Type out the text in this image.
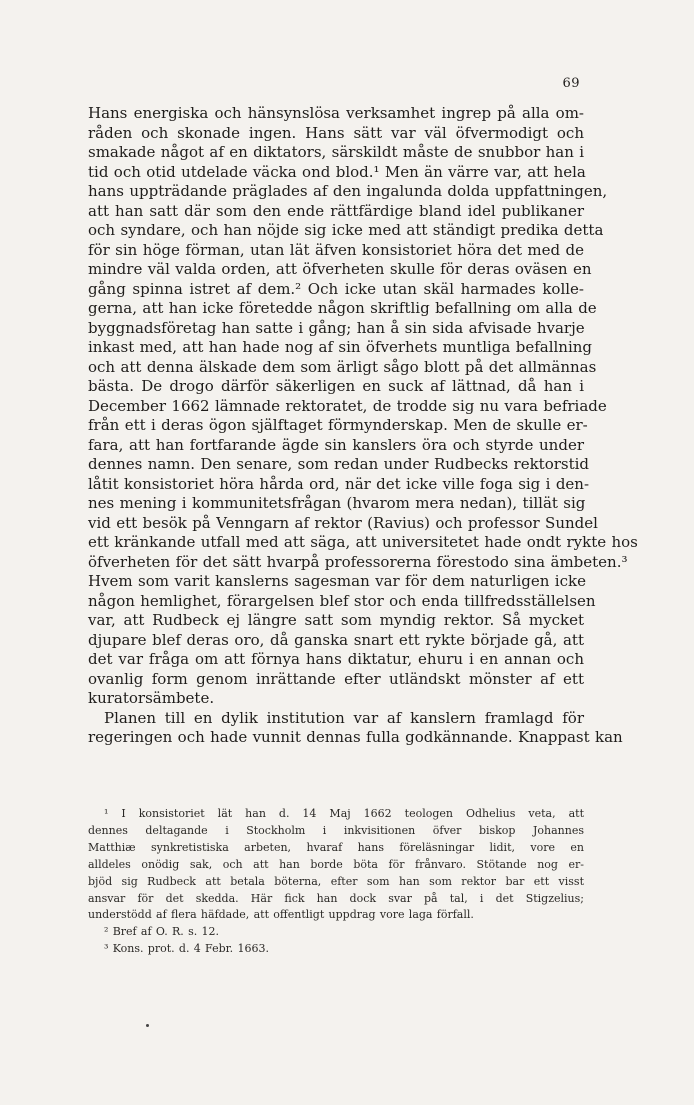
69
Hans energiska och hänsynslösa verksamhet ingrep på alla om-
råden och skonade ingen. Hans sätt var väl öfvermodigt och
smakade något af en diktators, särskildt måste de snubbor han i
tid och otid utdelade väcka ond blod.¹ Men än värre var, att hela
hans uppträdande präglades af den ingalunda dolda uppfattningen,
att han satt där som den ende rättfärdige bland idel publikaner
och syndare, och han nöjde sig icke med att ständigt predika detta
för sin höge förman, utan lät äfven konsistoriet höra det med de
mindre väl valda orden, att öfverheten skulle för deras oväsen en
gång spinna istret af dem.² Och icke utan skäl harmades kolle-
gerna, att han icke företedde någon skriftlig befallning om alla de
byggnadsföretag han satte i gång; han å sin sida afvisade hvarje
inkast med, att han hade nog af sin öfverhets muntliga befallning
och att denna älskade dem som ärligt sågo blott på det allmännas
bästa. De drogo därför säkerligen en suck af lättnad, då han i
December 1662 lämnade rektoratet, de trodde sig nu vara befriade
från ett i deras ögon själftaget förmynderskap. Men de skulle er-
fara, att han fortfarande ägde sin kanslers öra och styrde under
dennes namn. Den senare, som redan under Rudbecks rektorstid
låtit konsistoriet höra hårda ord, när det icke ville foga sig i den-
nes mening i kommunitetsfrågan (hvarom mera nedan), tillät sig
vid ett besök på Venngarn af rektor (Ravius) och professor Sundel
ett kränkande utfall med att säga, att universitetet hade ondt rykte hos
öfverheten för det sätt hvarpå professorerna förestodo sina ämbeten.³
Hvem som varit kanslerns sagesman var för dem naturligen icke
någon hemlighet, förargelsen blef stor och enda tillfredsställelsen
var, att Rudbeck ej längre satt som myndig rektor. Så mycket
djupare blef deras oro, då ganska snart ett rykte började gå, att
det var fråga om att förnya hans diktatur, ehuru i en annan och
ovanlig form genom inrättande efter utländskt mönster af ett
kuratorsämbete.
Planen till en dylik institution var af kanslern framlagd för
regeringen och hade vunnit dennas fulla godkännande. Knappast kan
¹ I konsistoriet lät han d. 14 Maj 1662 teologen Odhelius veta, att
dennes deltagande i Stockholm i inkvisitionen öfver biskop Johannes
Matthiæ synkretistiska arbeten, hvaraf hans föreläsningar lidit, vore en
alldeles onödig sak, och att han borde böta för frånvaro. Stötande nog er-
bjöd sig Rudbeck att betala böterna, efter som han som rektor bar ett visst
ansvar för det skedda. Här fick han dock svar på tal, i det Stigzelius;
understödd af flera häfdade, att offentligt uppdrag vore laga förfall.
² Bref af O. R. s. 12.
³ Kons. prot. d. 4 Febr. 1663.
